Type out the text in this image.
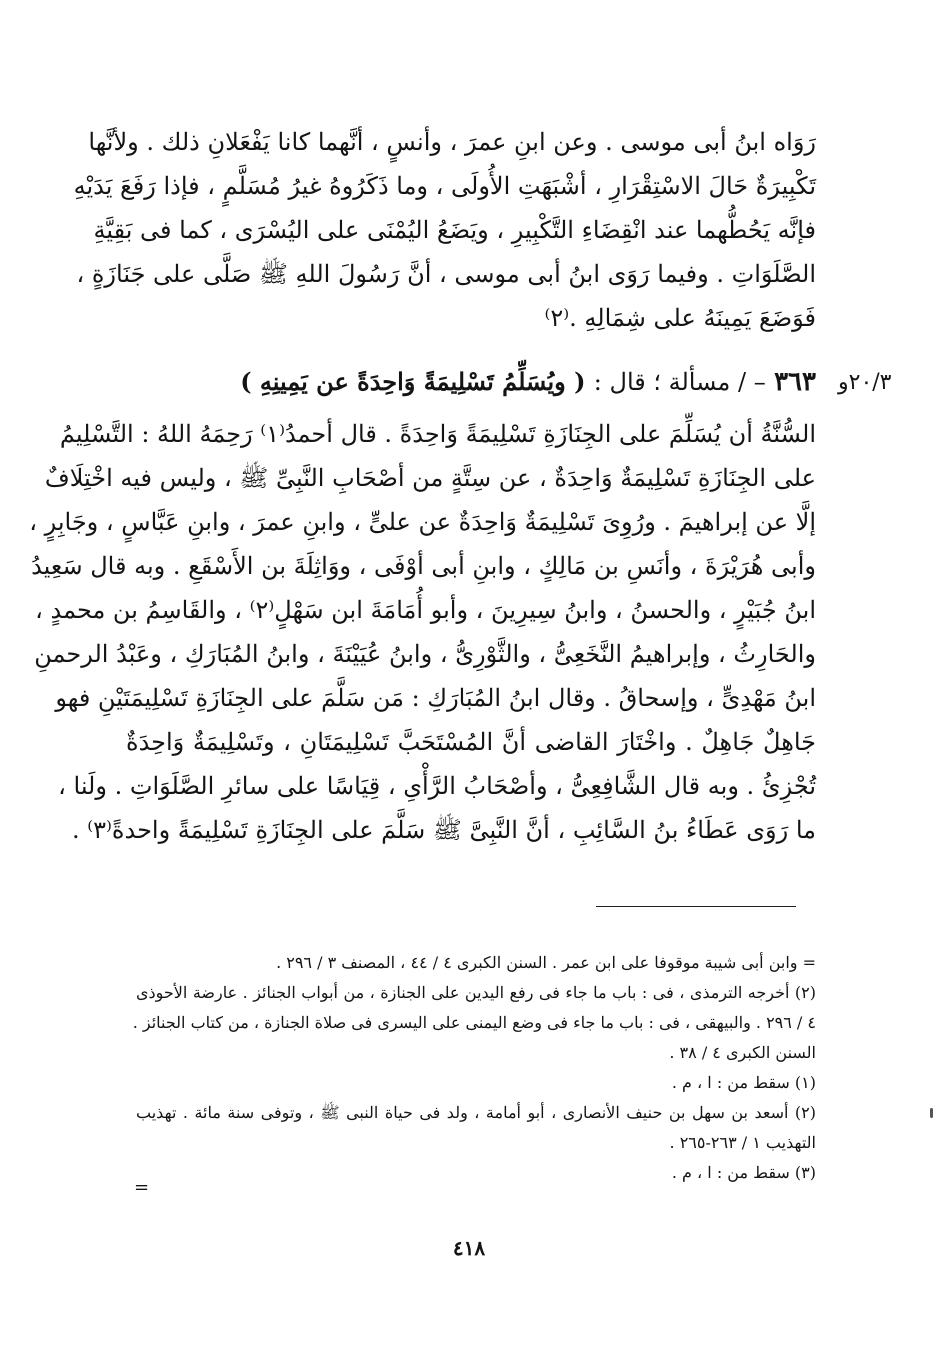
رَوَاه ابنُ أبى موسى . وعن ابنِ عمرَ ، وأنسٍ ، أنَّهما كانا يَفْعَلانِ ذلك . ولأنَّها
تَكْبِيرَةٌ حَالَ الاسْتِقْرَارِ ، أشْبَهَتِ الأُولَى ، وما ذَكَرُوهُ غيرُ مُسَلَّمٍ ، فإذا رَفَعَ يَدَيْهِ
فإنَّه يَحُطُّهما عند انْقِضَاءِ التَّكْبِيرِ ، ويَضَعُ اليُمْنَى على اليُسْرَى ، كما فى بَقِيَّةِ
الصَّلَوَاتِ . وفيما رَوَى ابنُ أبى موسى ، أنَّ رَسُولَ اللهِ ﷺ صَلَّى على جَنَازَةٍ ،
فَوَضَعَ يَمِينَهُ على شِمَالِهِ .⁽٢⁾
٢٠/٣و
٣٦٣ – / مسألة ؛ قال : ( ويُسَلِّمُ تَسْلِيمَةً وَاحِدَةً عن يَمِينِهِ )
السُّنَّةُ أن يُسَلِّمَ على الجِنَازَةِ تَسْلِيمَةً وَاحِدَةً . قال أحمدُ⁽١⁾ رَحِمَهُ اللهُ : التَّسْلِيمُ
على الجِنَازَةِ تَسْلِيمَةٌ وَاحِدَةٌ ، عن سِتَّةٍ من أصْحَابِ النَّبِىِّ ﷺ ، وليس فيه اخْتِلَافٌ
إلَّا عن إبراهيمَ . ورُوِىَ تَسْلِيمَةٌ وَاحِدَةٌ عن علىٍّ ، وابنِ عمرَ ، وابنِ عَبَّاسٍ ، وجَابِرٍ ،
وأبى هُرَيْرَةَ ، وأنَسِ بن مَالِكٍ ، وابنِ أبى أوْفَى ، ووَاثِلَةَ بن الأَسْقَعِ . وبه قال سَعِيدُ
ابنُ جُبَيْرٍ ، والحسنُ ، وابنُ سِيرِينَ ، وأبو أُمَامَةَ ابن سَهْلٍ⁽٢⁾ ، والقَاسِمُ بن محمدٍ ،
والحَارِثُ ، وإبراهيمُ النَّخَعِىُّ ، والثَّوْرِىُّ ، وابنُ عُيَيْنَةَ ، وابنُ المُبَارَكِ ، وعَبْدُ الرحمنِ
ابنُ مَهْدِىٍّ ، وإسحاقُ . وقال ابنُ المُبَارَكِ : مَن سَلَّمَ على الجِنَازَةِ تَسْلِيمَتَيْنِ فهو
جَاهِلٌ جَاهِلٌ . واخْتَارَ القاضى أنَّ المُسْتَحَبَّ تَسْلِيمَتَانِ ، وتَسْلِيمَةٌ وَاحِدَةٌ
تُجْزِئُ . وبه قال الشَّافِعِىُّ ، وأصْحَابُ الرَّأْىِ ، قِيَاسًا على سائرِ الصَّلَوَاتِ . ولَنا ،
ما رَوَى عَطَاءُ بنُ السَّائِبِ ، أنَّ النَّبِىَّ ﷺ سَلَّمَ على الجِنَازَةِ تَسْلِيمَةً واحدةً⁽٣⁾ .
= وابن أبى شيبة موقوفا على ابن عمر . السنن الكبرى ٤ / ٤٤ ، المصنف ٣ / ٢٩٦ .
(٢) أخرجه الترمذى ، فى : باب ما جاء فى رفع اليدين على الجنازة ، من أبواب الجنائز . عارضة الأحوذى
٤ / ٢٩٦ . والبيهقى ، فى : باب ما جاء فى وضع اليمنى على اليسرى فى صلاة الجنازة ، من كتاب الجنائز .
السنن الكبرى ٤ / ٣٨ .
(١) سقط من : ا ، م .
(٢) أسعد بن سهل بن حنيف الأنصارى ، أبو أمامة ، ولد فى حياة النبى ﷺ ، وتوفى سنة مائة . تهذيب
التهذيب ١ / ٢٦٣-٢٦٥ .
(٣) سقط من : ا ، م .
=
٤١٨
